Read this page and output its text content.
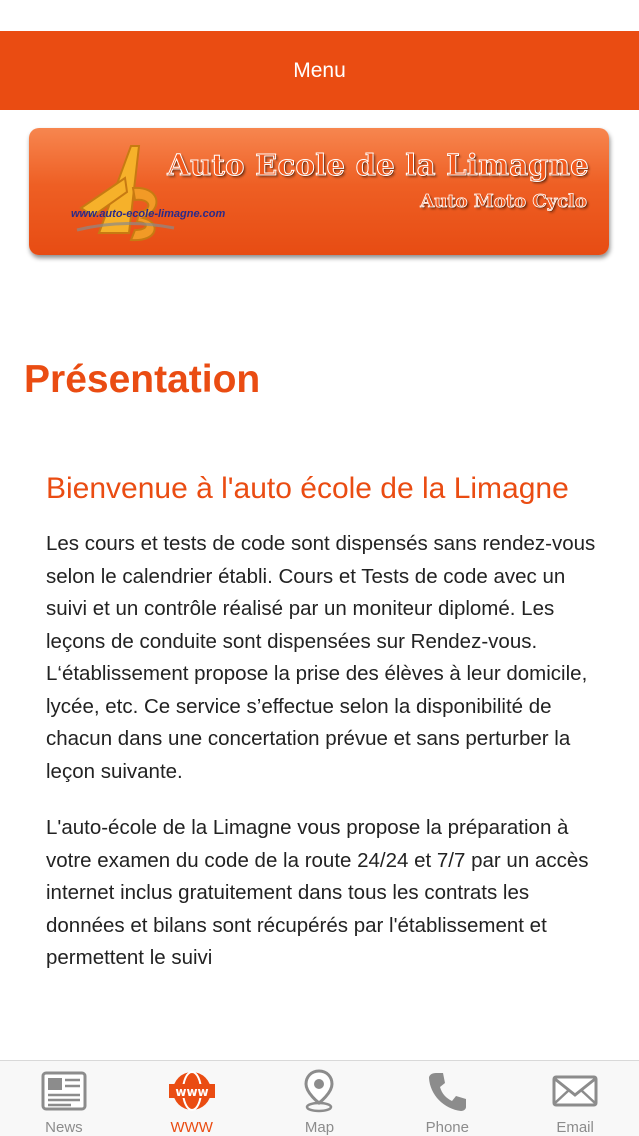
Menu
www.auto-ecole-limagne.com
Auto Ecole de la Limagne
Auto Moto Cyclo
Présentation
Bienvenue à l'auto école de la Limagne

Les cours et tests de code sont dispensés sans rendez-vous selon le calendrier établi. Cours et Tests de code avec un suivi et un contrôle réalisé par un moniteur diplomé. Les leçons de conduite sont dispensées sur Rendez-vous. L‘établissement propose la prise des élèves à leur domicile, lycée, etc. Ce service s’effectue selon la disponibilité de chacun dans une concertation prévue et sans perturber la leçon suivante.

L'auto-école de la Limagne vous propose la préparation à votre examen du code de la route 24/24 et 7/7 par un accès internet inclus gratuitement dans tous les contrats les données et bilans sont récupérés par l'établissement et permettent le suivi

News
www
WWW	Map	Phone	Email
